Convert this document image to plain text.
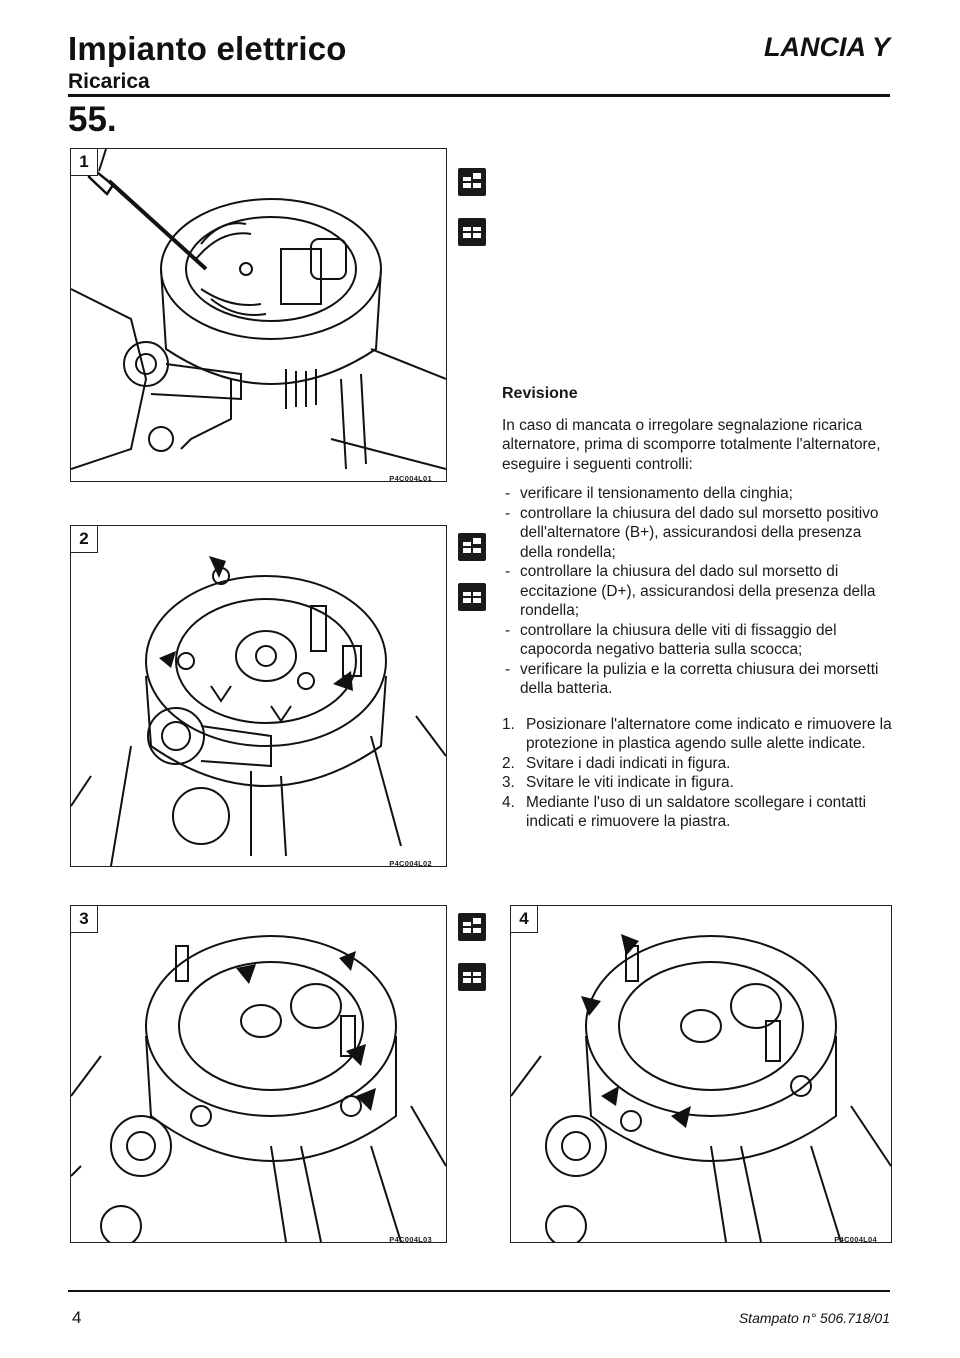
Impianto elettrico
Ricarica
LANCIA Y
55.
1
P4C004L01
2
P4C004L02
3
P4C004L03
4
P4C004L04
Revisione

In caso di mancata o irregolare segnalazione ricarica alternatore, prima di scomporre totalmente l'alternatore, eseguire i seguenti controlli:

- verificare il tensionamento della cinghia;
- controllare la chiusura del dado sul morsetto positivo dell'alternatore (B+), assicurandosi della presenza della rondella;
- controllare la chiusura del dado sul morsetto di eccitazione (D+), assicurandosi della presenza della rondella;
- controllare la chiusura delle viti di fissaggio del capocorda negativo batteria sulla scocca;
- verificare la pulizia e la corretta chiusura dei morsetti della batteria.
1. Posizionare l'alternatore come indicato e rimuovere la protezione in plastica agendo sulle alette indicate.
2. Svitare i dadi indicati in figura.
3. Svitare le viti indicate in figura.
4. Mediante l'uso di un saldatore scollegare i contatti indicati e rimuovere la piastra.
4	Stampato n° 506.718/01
